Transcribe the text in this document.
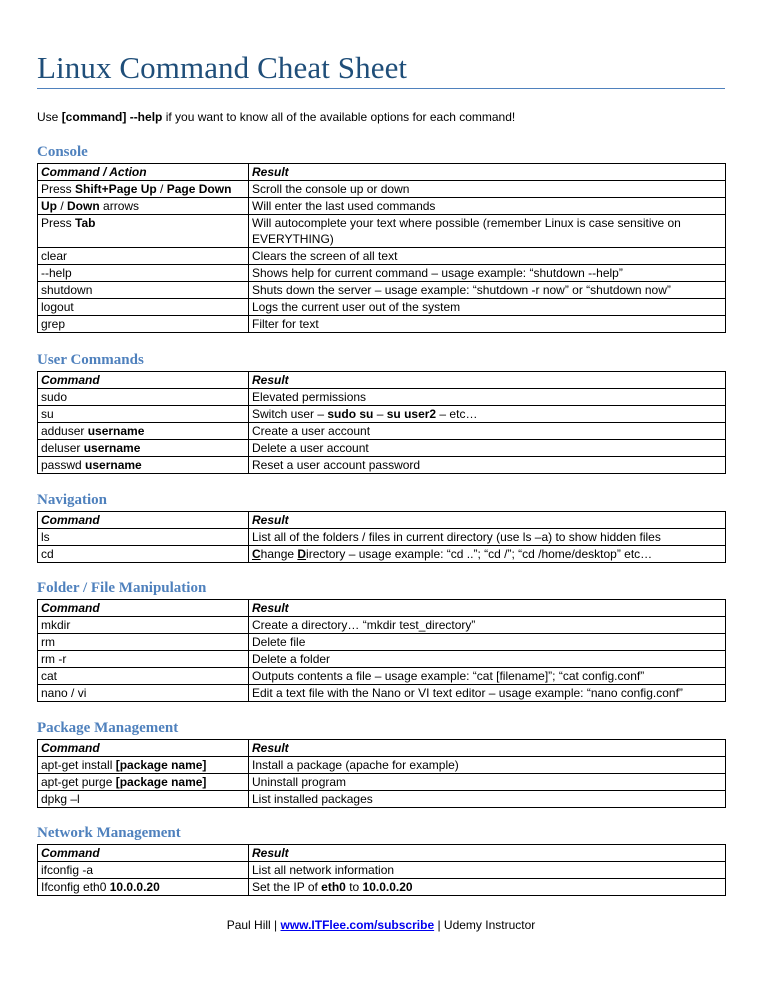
Linux Command Cheat Sheet
Use [command] --help if you want to know all of the available options for each command!
Console
Command / Action	Result
Press Shift+Page Up / Page Down	Scroll the console up or down
Up / Down arrows	Will enter the last used commands
Press Tab	Will autocomplete your text where possible (remember Linux is case sensitive on EVERYTHING)
clear	Clears the screen of all text
--help	Shows help for current command – usage example: “shutdown --help”
shutdown	Shuts down the server – usage example: “shutdown -r now” or “shutdown now”
logout	Logs the current user out of the system
grep	Filter for text
User Commands
Command	Result
sudo	Elevated permissions
su	Switch user – sudo su – su user2 – etc…
adduser username	Create a user account
deluser username	Delete a user account
passwd username	Reset a user account password
Navigation
Command	Result
ls	List all of the folders / files in current directory (use ls –a) to show hidden files
cd	Change Directory – usage example: “cd ..”; “cd /”; “cd /home/desktop” etc…
Folder / File Manipulation
Command	Result
mkdir	Create a directory… “mkdir test_directory”
rm	Delete file
rm -r	Delete a folder
cat	Outputs contents a file – usage example: “cat [filename]”; “cat config.conf”
nano / vi	Edit a text file with the Nano or VI text editor – usage example: “nano config.conf”
Package Management
Command	Result
apt-get install [package name]	Install a package (apache for example)
apt-get purge [package name]	Uninstall program
dpkg –l	List installed packages
Network Management
Command	Result
ifconfig -a	List all network information
Ifconfig eth0 10.0.0.20	Set the IP of eth0 to 10.0.0.20
Paul Hill | www.ITFlee.com/subscribe | Udemy Instructor
